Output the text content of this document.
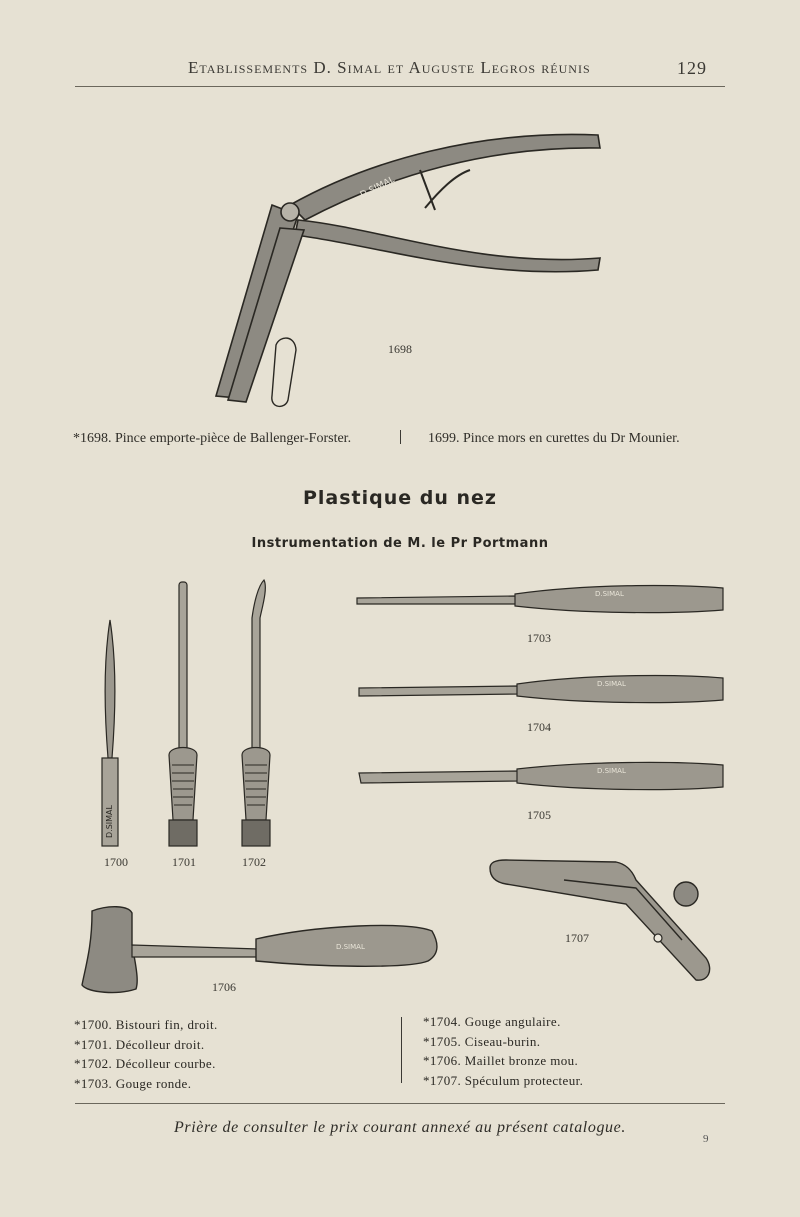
Etablissements D. Simal et Auguste Legros réunis	129
D.SIMAL
1698
*1698. Pince emporte-pièce de Ballenger-Forster.	1699. Pince mors en curettes du Dr Mounier.
Plastique du nez
Instrumentation de M. le Pr Portmann
D.SIMAL
1700	1701	1702
D.SIMAL
1703
D.SIMAL
1704
D.SIMAL
1705
D.SIMAL
1706
1707
*1700. Bistouri fin, droit.
*1701. Décolleur droit.
*1702. Décolleur courbe.
*1703. Gouge ronde.
*1704. Gouge angulaire.
*1705. Ciseau-burin.
*1706. Maillet bronze mou.
*1707. Spéculum protecteur.
Prière de consulter le prix courant annexé au présent catalogue.
9
